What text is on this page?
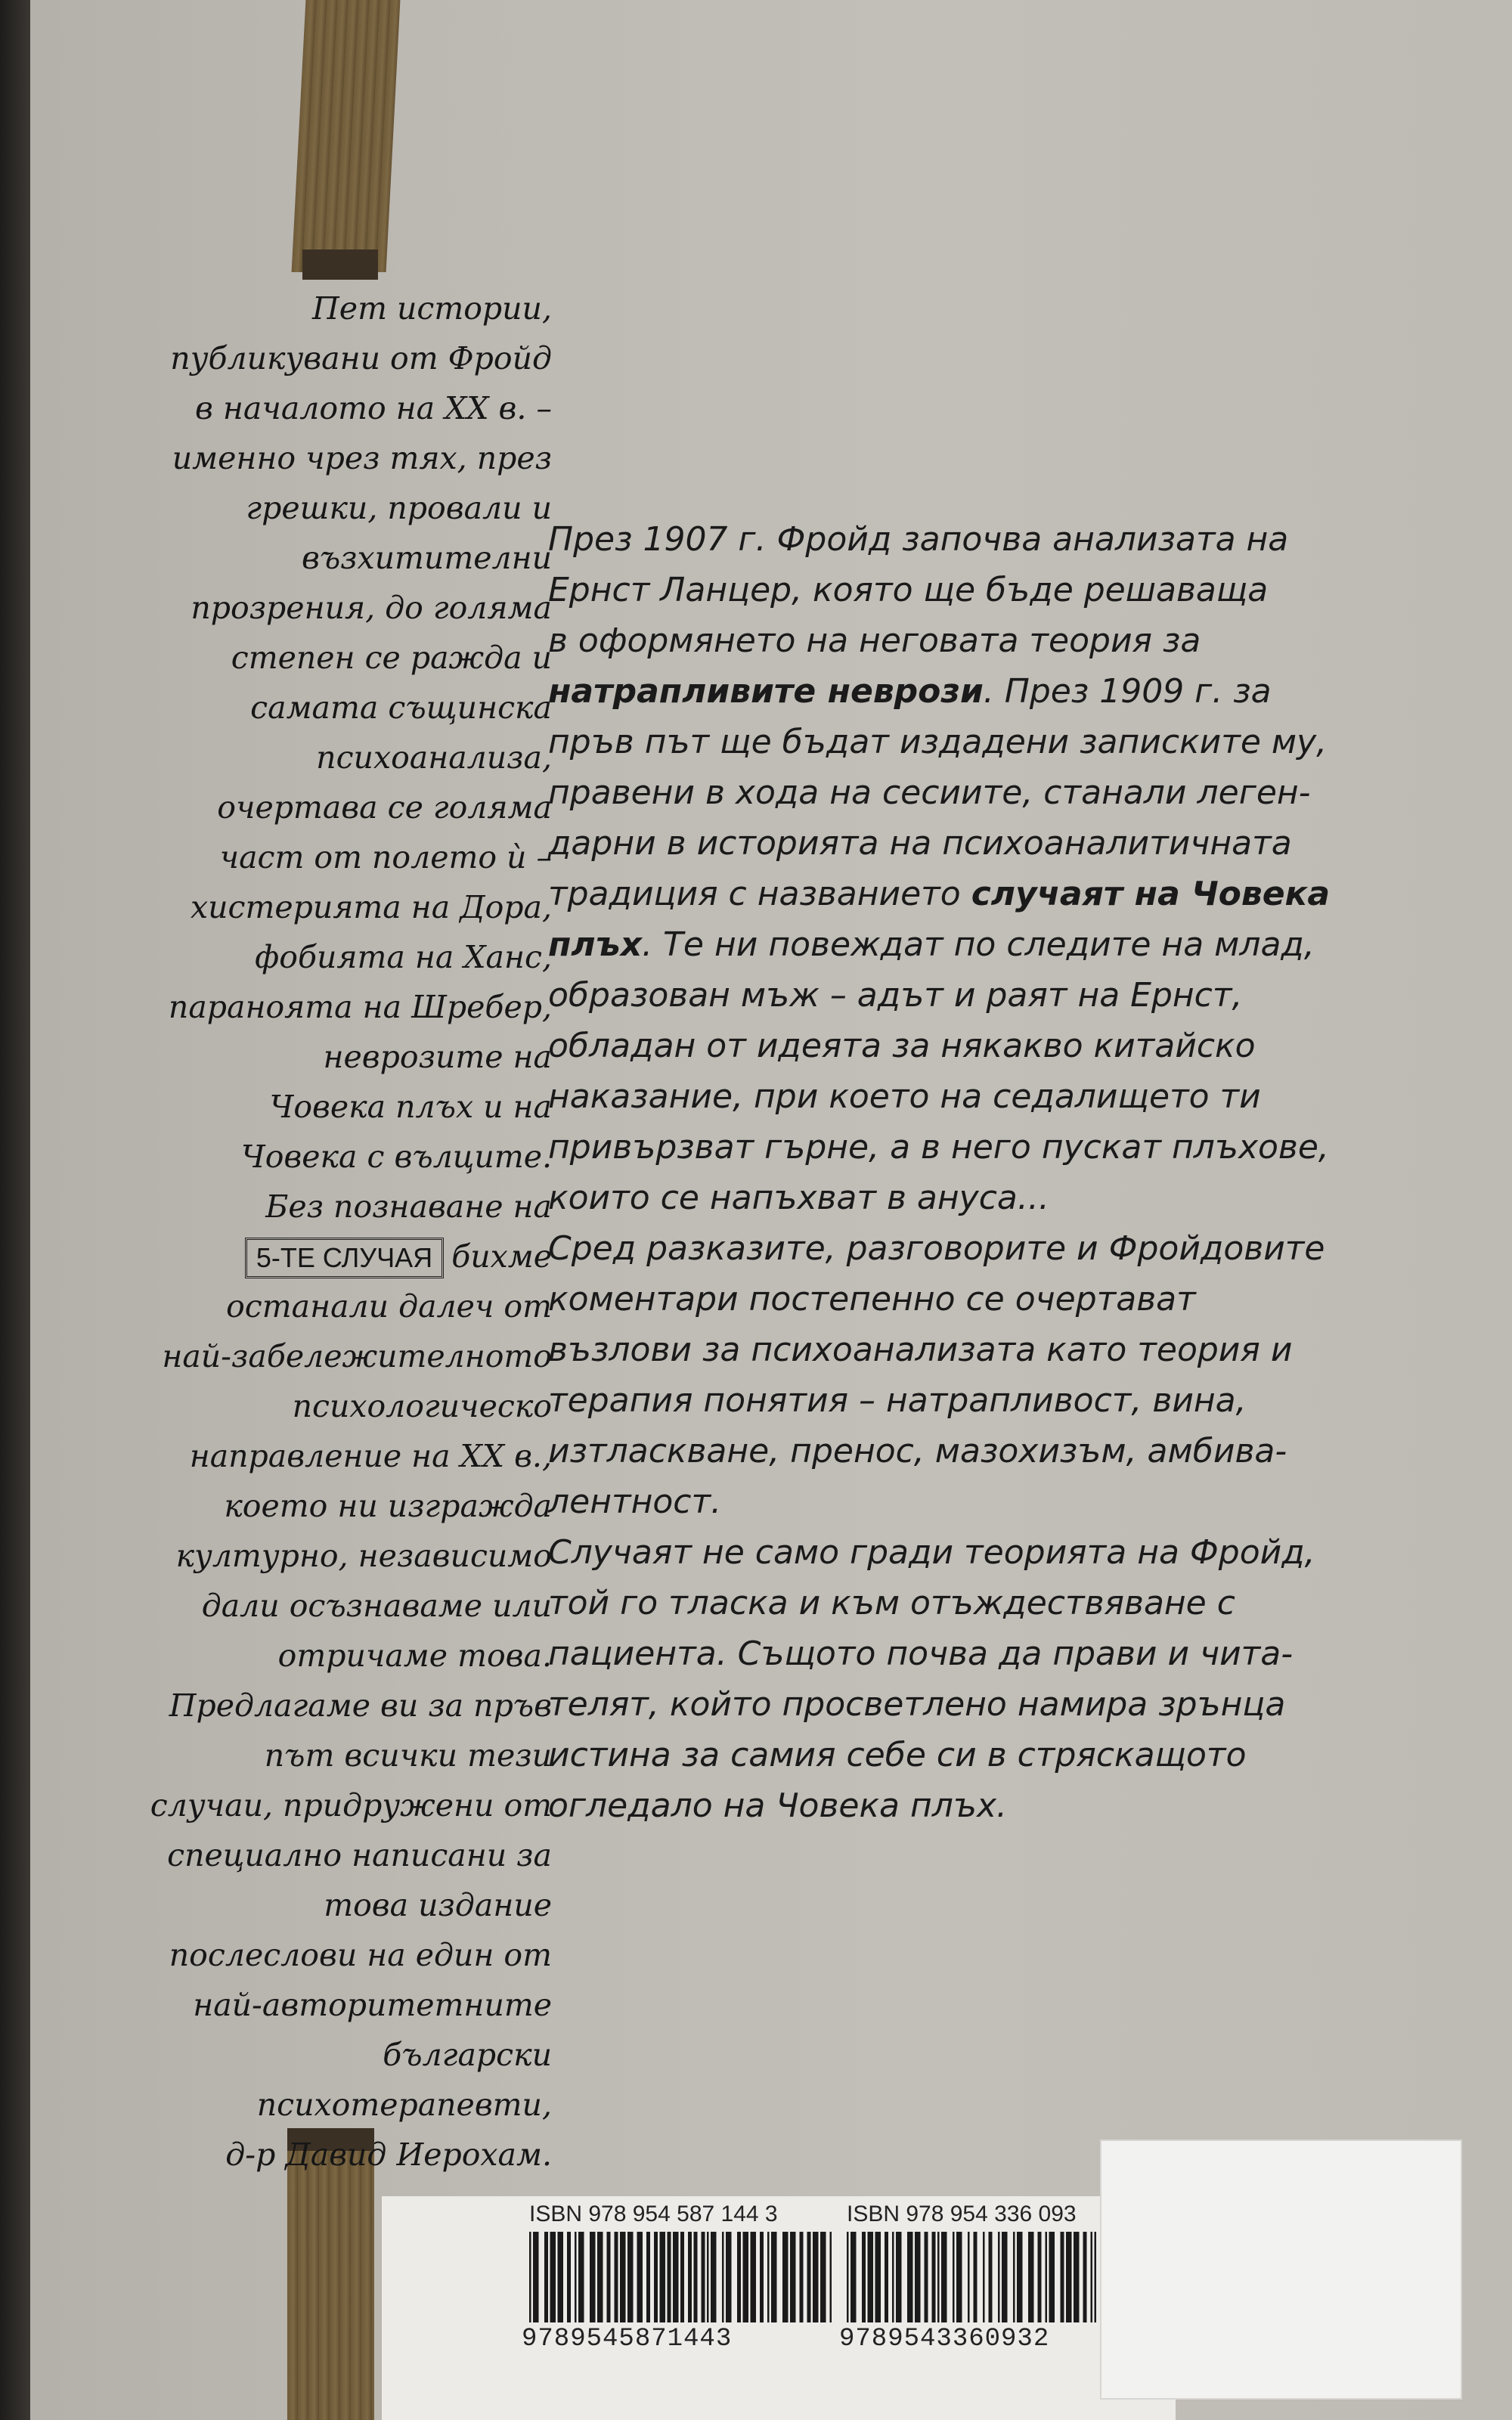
Пет истории,
публикувани от Фройд
в началото на XX в. –
именно чрез тях, през
грешки, провали и
възхитителни
прозрения, до голяма
степен се ражда и
самата същинска
психоанализа,
очертава се голяма
част от полето ѝ –
хистерията на Дора,
фобията на Ханс,
параноята на Шребер,
неврозите на
Човека плъх и на
Човека с вълците.
Без познаване на
5-ТЕ СЛУЧАЯ бихме
останали далеч от
най-забележителното
психологическо
направление на XX в.,
което ни изгражда
културно, независимо
дали осъзнаваме или
отричаме това.
Предлагаме ви за пръв
път всички тези
случаи, придружени от
специално написани за
това издание
послеслови на един от
най-авторитетните
български
психотерапевти,
д-р Давид Иерохам.
През 1907 г. Фройд започва анализата на
Ернст Ланцер, която ще бъде решаваща
в оформянето на неговата теория за
натрапливите неврози. През 1909 г. за
пръв път ще бъдат издадени записките му,
правени в хода на сесиите, станали леген-
дарни в историята на психоаналитичната
традиция с названието случаят на Човека
плъх. Те ни повеждат по следите на млад,
образован мъж – адът и раят на Ернст,
обладан от идеята за някакво китайско
наказание, при което на седалището ти
привързват гърне, а в него пускат плъхове,
които се напъхват в ануса...
Сред разказите, разговорите и Фройдовите
коментари постепенно се очертават
възлови за психоанализата като теория и
терапия понятия – натрапливост, вина,
изтласкване, пренос, мазохизъм, амбива-
лентност.
Случаят не само гради теорията на Фройд,
той го тласка и към отъждествяване с
пациента. Същото почва да прави и чита-
телят, който просветлено намира зрънца
истина за самия себе си в стряскащото
огледало на Човека плъх.
ISBN 978 954 587 144 3
9789545871443
ISBN 978 954 336 093
9789543360932
